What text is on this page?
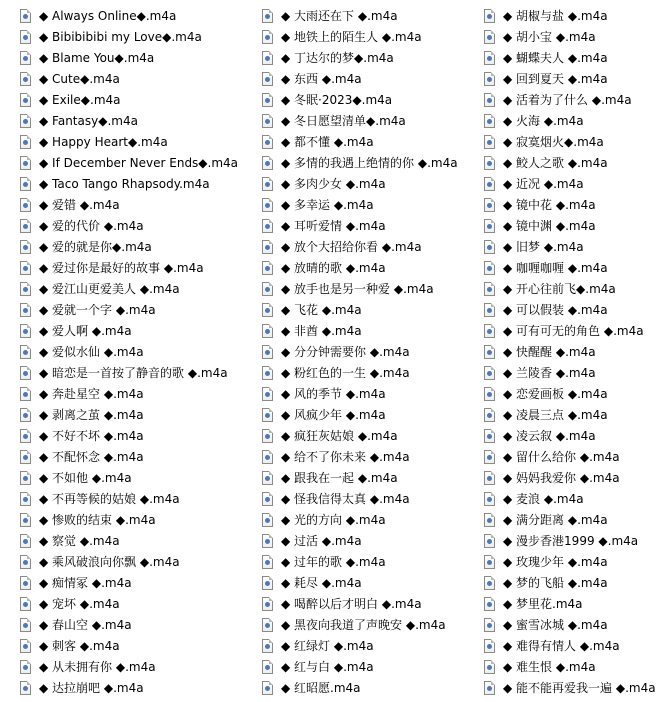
◆ Always Online◆.m4a
◆ Bibibibibi my Love◆.m4a
◆ Blame You◆.m4a
◆ Cute◆.m4a
◆ Exile◆.m4a
◆ Fantasy◆.m4a
◆ Happy Heart◆.m4a
◆ If December Never Ends◆.m4a
◆ Taco Tango Rhapsody.m4a
◆ 爱错 ◆.m4a
◆ 爱的代价 ◆.m4a
◆ 爱的就是你◆.m4a
◆ 爱过你是最好的故事 ◆.m4a
◆ 爱江山更爱美人 ◆.m4a
◆ 爱就一个字 ◆.m4a
◆ 爱人啊 ◆.m4a
◆ 爱似水仙 ◆.m4a
◆ 暗恋是一首按了静音的歌 ◆.m4a
◆ 奔赴星空 ◆.m4a
◆ 剥离之茧 ◆.m4a
◆ 不好不坏 ◆.m4a
◆ 不配怀念 ◆.m4a
◆ 不如他 ◆.m4a
◆ 不再等候的姑娘 ◆.m4a
◆ 惨败的结束 ◆.m4a
◆ 察觉 ◆.m4a
◆ 乘风破浪向你飘 ◆.m4a
◆ 痴情冢 ◆.m4a
◆ 宠坏 ◆.m4a
◆ 春山空 ◆.m4a
◆ 刺客 ◆.m4a
◆ 从未拥有你 ◆.m4a
◆ 达拉崩吧 ◆.m4a
◆ 大雨还在下 ◆.m4a
◆ 地铁上的陌生人 ◆.m4a
◆ 丁达尔的梦◆.m4a
◆ 东西 ◆.m4a
◆ 冬眠·2023◆.m4a
◆ 冬日愿望清单◆.m4a
◆ 都不懂 ◆.m4a
◆ 多情的我遇上绝情的你 ◆.m4a
◆ 多肉少女 ◆.m4a
◆ 多幸运 ◆.m4a
◆ 耳听爱情 ◆.m4a
◆ 放个大招给你看 ◆.m4a
◆ 放晴的歌 ◆.m4a
◆ 放手也是另一种爱 ◆.m4a
◆ 飞花 ◆.m4a
◆ 非酋 ◆.m4a
◆ 分分钟需要你 ◆.m4a
◆ 粉红色的一生 ◆.m4a
◆ 风的季节 ◆.m4a
◆ 风疯少年 ◆.m4a
◆ 疯狂灰姑娘 ◆.m4a
◆ 给不了你未来 ◆.m4a
◆ 跟我在一起 ◆.m4a
◆ 怪我信得太真 ◆.m4a
◆ 光的方向 ◆.m4a
◆ 过活 ◆.m4a
◆ 过年的歌 ◆.m4a
◆ 耗尽 ◆.m4a
◆ 喝醉以后才明白 ◆.m4a
◆ 黑夜向我道了声晚安 ◆.m4a
◆ 红绿灯 ◆.m4a
◆ 红与白 ◆.m4a
◆ 红昭愿.m4a
◆ 胡椒与盐 ◆.m4a
◆ 胡小宝 ◆.m4a
◆ 蝴蝶夫人 ◆.m4a
◆ 回到夏天 ◆.m4a
◆ 活着为了什么 ◆.m4a
◆ 火海 ◆.m4a
◆ 寂寞烟火◆.m4a
◆ 鲛人之歌 ◆.m4a
◆ 近况 ◆.m4a
◆ 镜中花 ◆.m4a
◆ 镜中渊 ◆.m4a
◆ 旧梦 ◆.m4a
◆ 咖喱咖喱 ◆.m4a
◆ 开心往前飞◆.m4a
◆ 可以假装 ◆.m4a
◆ 可有可无的角色 ◆.m4a
◆ 快醒醒 ◆.m4a
◆ 兰陵香 ◆.m4a
◆ 恋爱画板 ◆.m4a
◆ 凌晨三点 ◆.m4a
◆ 凌云叙 ◆.m4a
◆ 留什么给你 ◆.m4a
◆ 妈妈我爱你 ◆.m4a
◆ 麦浪 ◆.m4a
◆ 满分距离 ◆.m4a
◆ 漫步香港1999 ◆.m4a
◆ 玫瑰少年 ◆.m4a
◆ 梦的飞船 ◆.m4a
◆ 梦里花.m4a
◆ 蜜雪冰城 ◆.m4a
◆ 难得有情人 ◆.m4a
◆ 难生恨 ◆.m4a
◆ 能不能再爱我一遍 ◆.m4a
